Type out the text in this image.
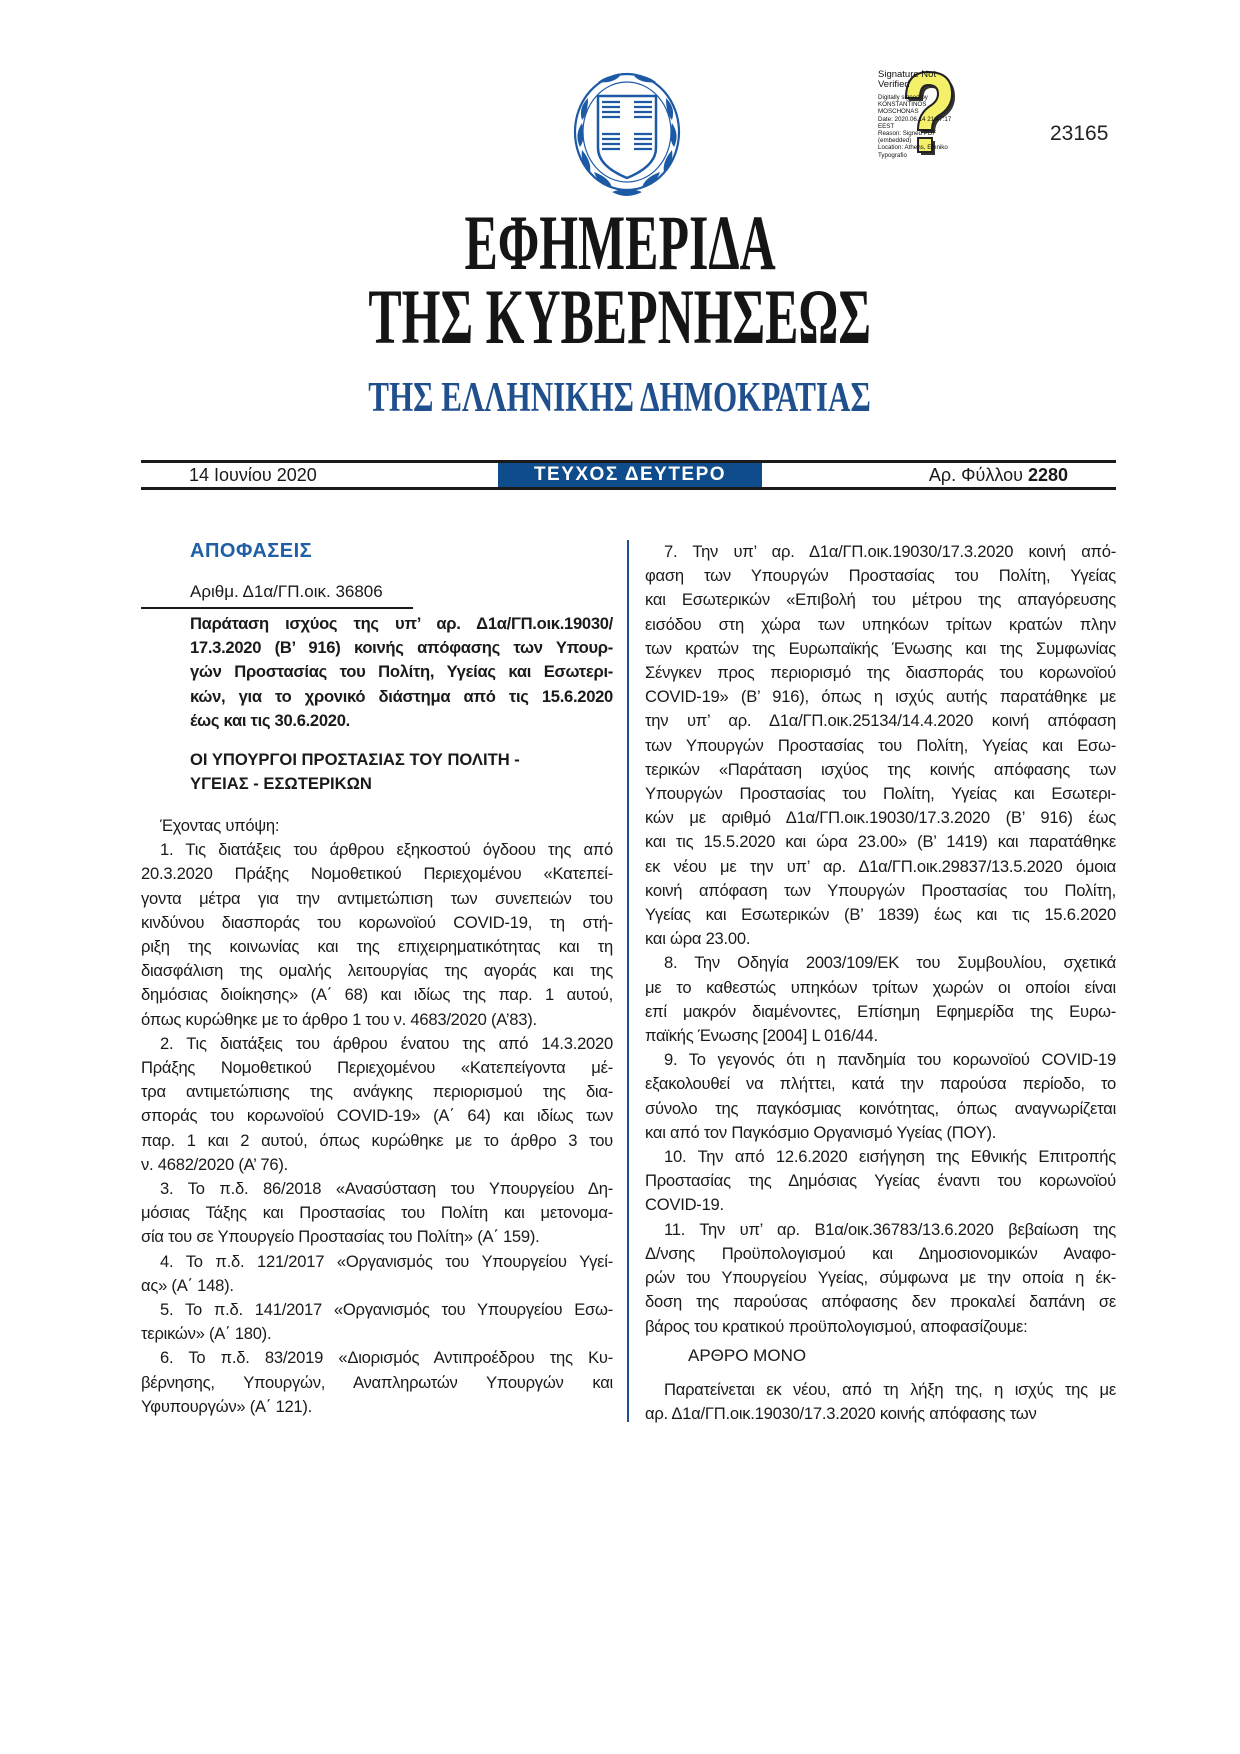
Signature Not Verified
Digitally signed by
KONSTANTINOS
MOSCHONAS
Date: 2020.06.14 21:47:17
EEST
Reason: Signed PDF
(embedded)
Location: Athens, Ethniko
Typografio
23165
ΕΦΗΜΕΡΙΔΑ
ΤΗΣ ΚΥΒΕΡΝΗΣΕΩΣ
ΤΗΣ ΕΛΛΗΝΙΚΗΣ ΔΗΜΟΚΡΑΤΙΑΣ
14 Ιουνίου 2020	ΤΕΥΧΟΣ ΔΕΥΤΕΡΟ	Αρ. Φύλλου 2280
ΑΠΟΦΑΣΕΙΣ
Αριθμ. Δ1α/ΓΠ.οικ. 36806
Παράταση ισχύος της υπ’ αρ. Δ1α/ΓΠ.οικ.19030/
17.3.2020 (Β’ 916) κοινής απόφασης των Υπουρ-
γών Προστασίας του Πολίτη, Υγείας και Εσωτερι-
κών, για το χρονικό διάστημα από τις 15.6.2020
έως και τις 30.6.2020.
ΟΙ ΥΠΟΥΡΓΟΙ ΠΡΟΣΤΑΣΙΑΣ ΤΟΥ ΠΟΛΙΤΗ -
ΥΓΕΙΑΣ - ΕΣΩΤΕΡΙΚΩΝ
Έχοντας υπόψη:
1. Τις διατάξεις του άρθρου εξηκοστού όγδοου της από
20.3.2020 Πράξης Νομοθετικού Περιεχομένου «Κατεπεί-
γοντα μέτρα για την αντιμετώπιση των συνεπειών του
κινδύνου διασποράς του κορωνοϊού COVID-19, τη στή-
ριξη της κοινωνίας και της επιχειρηματικότητας και τη
διασφάλιση της ομαλής λειτουργίας της αγοράς και της
δημόσιας διοίκησης» (Α΄ 68) και ιδίως της παρ. 1 αυτού,
όπως κυρώθηκε με το άρθρο 1 του ν. 4683/2020 (Α’83).
2. Τις διατάξεις του άρθρου ένατου της από 14.3.2020
Πράξης Νομοθετικού Περιεχομένου «Κατεπείγοντα μέ-
τρα αντιμετώπισης της ανάγκης περιορισμού της δια-
σποράς του κορωνοϊού COVID-19» (Α΄ 64) και ιδίως των
παρ. 1 και 2 αυτού, όπως κυρώθηκε με το άρθρο 3 του
ν. 4682/2020 (Α’ 76).
3. Το π.δ. 86/2018 «Ανασύσταση του Υπουργείου Δη-
μόσιας Τάξης και Προστασίας του Πολίτη και μετονομα-
σία του σε Υπουργείο Προστασίας του Πολίτη» (Α΄ 159).
4. Το π.δ. 121/2017 «Οργανισμός του Υπουργείου Υγεί-
ας» (Α΄ 148).
5. Το π.δ. 141/2017 «Οργανισμός του Υπουργείου Εσω-
τερικών» (Α΄ 180).
6. Το π.δ. 83/2019 «Διορισμός Αντιπροέδρου της Κυ-
βέρνησης, Υπουργών, Αναπληρωτών Υπουργών και
Υφυπουργών» (Α΄ 121).
7. Την υπ’ αρ. Δ1α/ΓΠ.οικ.19030/17.3.2020 κοινή από-
φαση των Υπουργών Προστασίας του Πολίτη, Υγείας
και Εσωτερικών «Επιβολή του μέτρου της απαγόρευσης
εισόδου στη χώρα των υπηκόων τρίτων κρατών πλην
των κρατών της Ευρωπαϊκής Ένωσης και της Συμφωνίας
Σένγκεν προς περιορισμό της διασποράς του κορωνοϊού
COVID-19» (Β’ 916), όπως η ισχύς αυτής παρατάθηκε με
την υπ’ αρ. Δ1α/ΓΠ.οικ.25134/14.4.2020 κοινή απόφαση
των Υπουργών Προστασίας του Πολίτη, Υγείας και Εσω-
τερικών «Παράταση ισχύος της κοινής απόφασης των
Υπουργών Προστασίας του Πολίτη, Υγείας και Εσωτερι-
κών με αριθμό Δ1α/ΓΠ.οικ.19030/17.3.2020 (Β’ 916) έως
και τις 15.5.2020 και ώρα 23.00» (Β’ 1419) και παρατάθηκε
εκ νέου με την υπ’ αρ. Δ1α/ΓΠ.οικ.29837/13.5.2020 όμοια
κοινή απόφαση των Υπουργών Προστασίας του Πολίτη,
Υγείας και Εσωτερικών (Β’ 1839) έως και τις 15.6.2020
και ώρα 23.00.
8. Την Οδηγία 2003/109/ΕΚ του Συμβουλίου, σχετικά
με το καθεστώς υπηκόων τρίτων χωρών οι οποίοι είναι
επί μακρόν διαμένοντες, Επίσημη Εφημερίδα της Ευρω-
παϊκής Ένωσης [2004] L 016/44.
9. Το γεγονός ότι η πανδημία του κορωνοϊού COVID-19
εξακολουθεί να πλήττει, κατά την παρούσα περίοδο, το
σύνολο της παγκόσμιας κοινότητας, όπως αναγνωρίζεται
και από τον Παγκόσμιο Οργανισμό Υγείας (ΠΟΥ).
10. Την από 12.6.2020 εισήγηση της Εθνικής Επιτροπής
Προστασίας της Δημόσιας Υγείας έναντι του κορωνοϊού
COVID-19.
11. Την υπ’ αρ. Β1α/οικ.36783/13.6.2020 βεβαίωση της
Δ/νσης Προϋπολογισμού και Δημοσιονομικών Αναφο-
ρών του Υπουργείου Υγείας, σύμφωνα με την οποία η έκ-
δοση της παρούσας απόφασης δεν προκαλεί δαπάνη σε
βάρος του κρατικού προϋπολογισμού, αποφασίζουμε:
ΑΡΘΡΟ ΜΟΝΟ
Παρατείνεται εκ νέου, από τη λήξη της, η ισχύς της με
αρ. Δ1α/ΓΠ.οικ.19030/17.3.2020 κοινής απόφασης των
